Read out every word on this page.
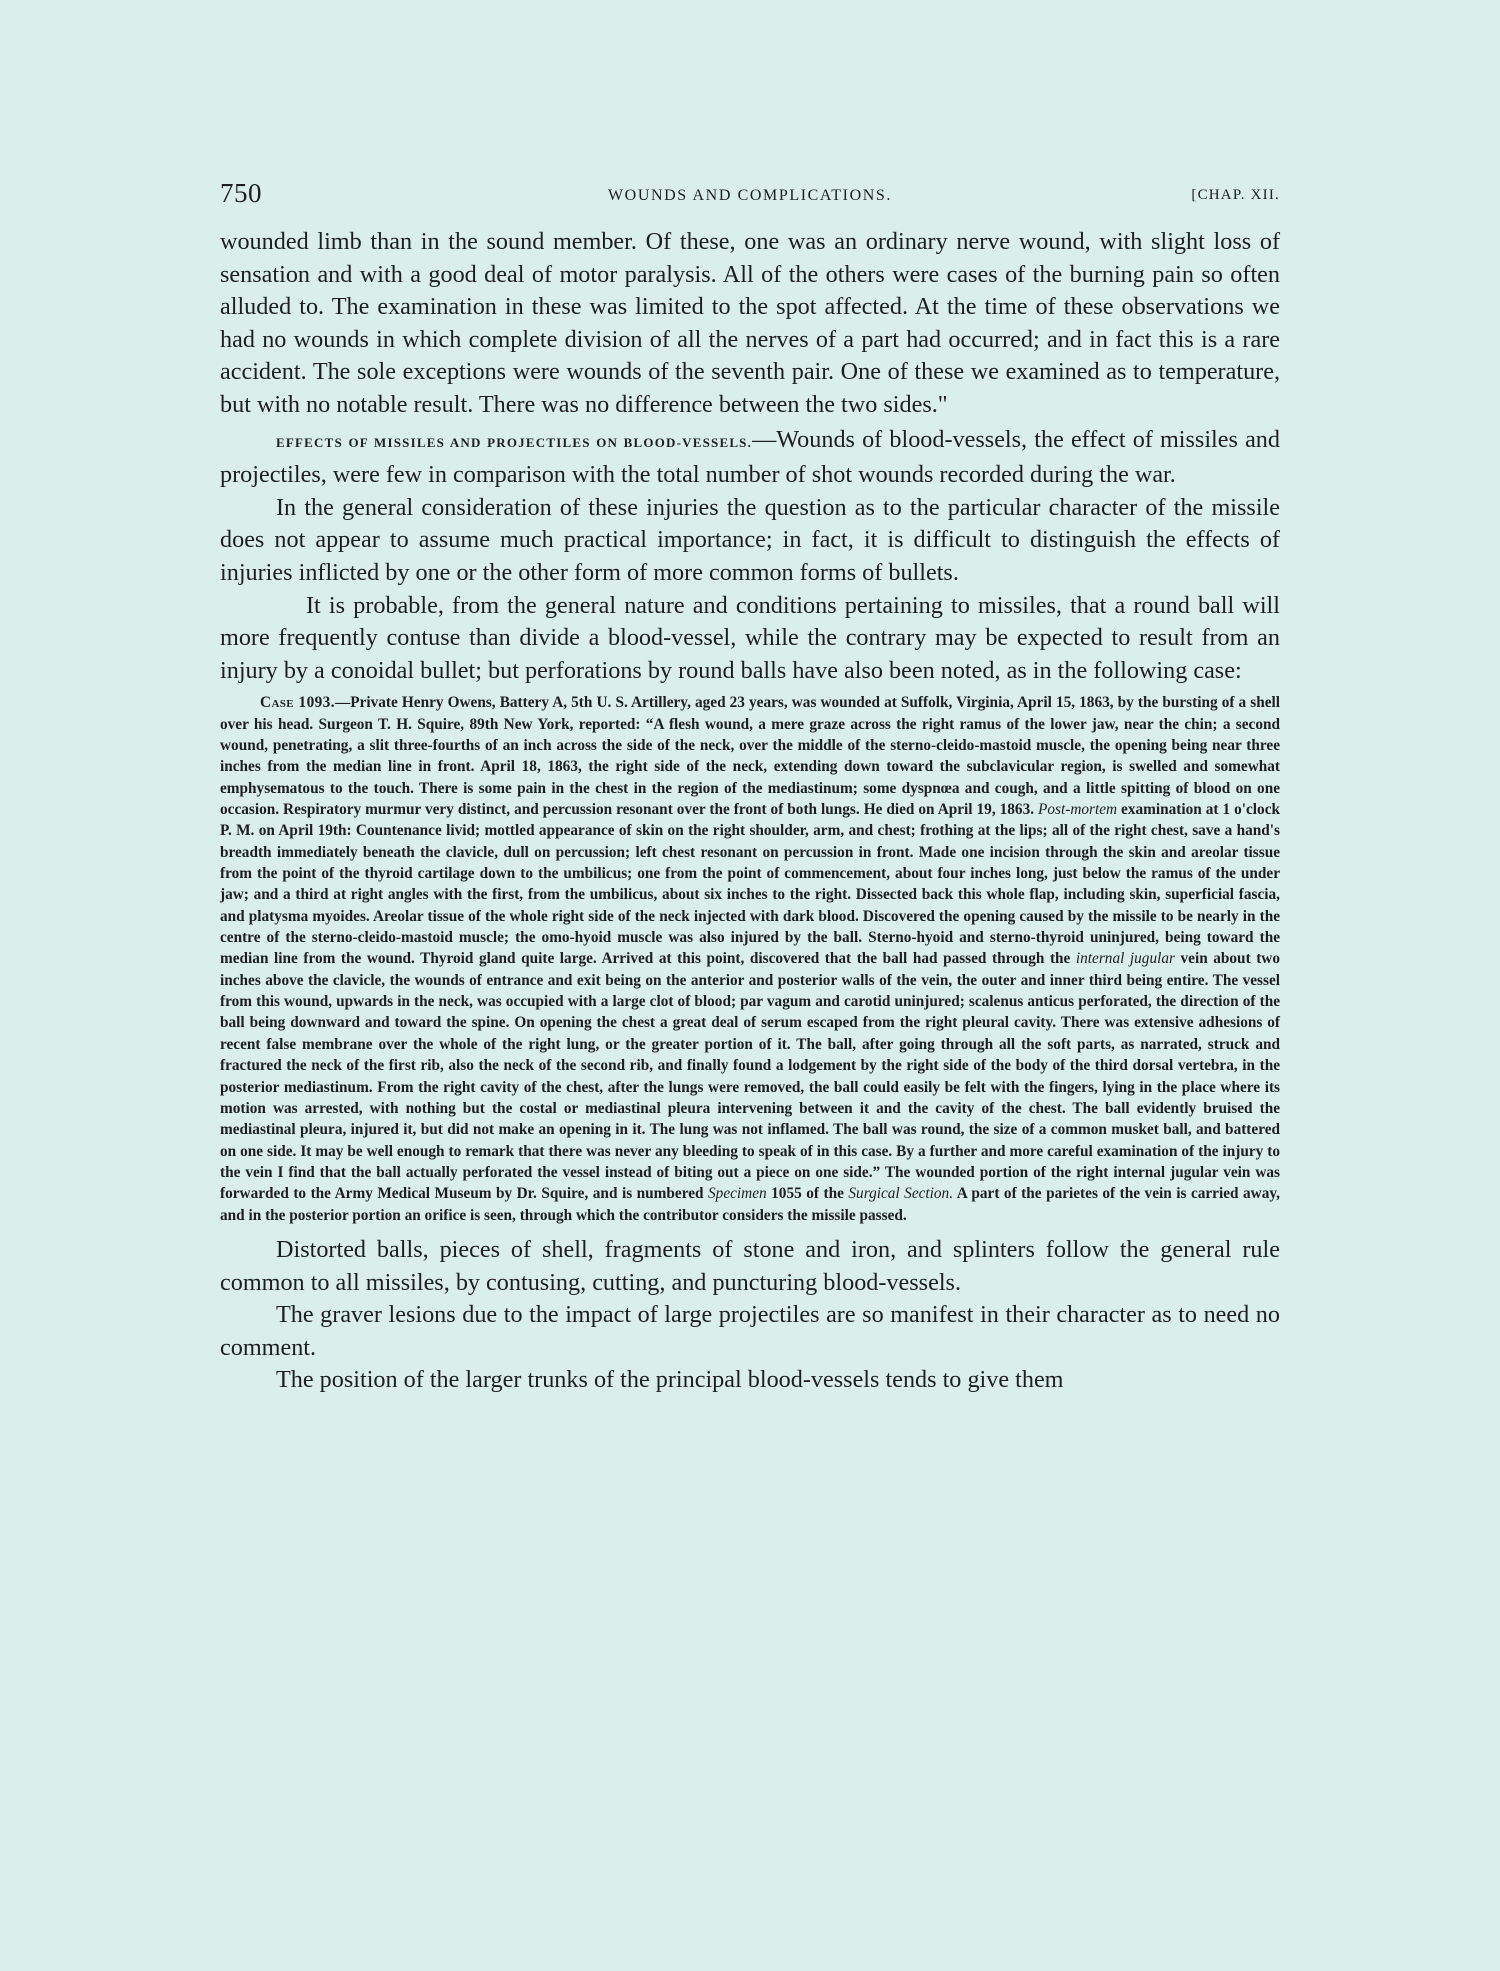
750	WOUNDS AND COMPLICATIONS.	[CHAP. XII.

wounded limb than in the sound member. Of these, one was an ordinary nerve wound, with slight loss of sensation and with a good deal of motor paralysis. All of the others were cases of the burning pain so often alluded to. The examination in these was limited to the spot affected. At the time of these observations we had no wounds in which complete division of all the nerves of a part had occurred; and in fact this is a rare accident. The sole exceptions were wounds of the seventh pair. One of these we examined as to temperature, but with no notable result. There was no difference between the two sides."

EFFECTS OF MISSILES AND PROJECTILES ON BLOOD-VESSELS.—Wounds of blood-vessels, the effect of missiles and projectiles, were few in comparison with the total number of shot wounds recorded during the war.

In the general consideration of these injuries the question as to the particular character of the missile does not appear to assume much practical importance; in fact, it is difficult to distinguish the effects of injuries inflicted by one or the other form of more common forms of bullets.

It is probable, from the general nature and conditions pertaining to missiles, that a round ball will more frequently contuse than divide a blood-vessel, while the contrary may be expected to result from an injury by a conoidal bullet; but perforations by round balls have also been noted, as in the following case:

Case 1093.—Private Henry Owens, Battery A, 5th U. S. Artillery, aged 23 years, was wounded at Suffolk, Virginia, April 15, 1863, by the bursting of a shell over his head. Surgeon T. H. Squire, 89th New York, reported: “A flesh wound, a mere graze across the right ramus of the lower jaw, near the chin; a second wound, penetrating, a slit three-fourths of an inch across the side of the neck, over the middle of the sterno-cleido-mastoid muscle, the opening being near three inches from the median line in front. April 18, 1863, the right side of the neck, extending down toward the subclavicular region, is swelled and somewhat emphysematous to the touch. There is some pain in the chest in the region of the mediastinum; some dyspnœa and cough, and a little spitting of blood on one occasion. Respiratory murmur very distinct, and percussion resonant over the front of both lungs. He died on April 19, 1863. Post-mortem examination at 1 o'clock P. M. on April 19th: Countenance livid; mottled appearance of skin on the right shoulder, arm, and chest; frothing at the lips; all of the right chest, save a hand's breadth immediately beneath the clavicle, dull on percussion; left chest resonant on percussion in front. Made one incision through the skin and areolar tissue from the point of the thyroid cartilage down to the umbilicus; one from the point of commencement, about four inches long, just below the ramus of the under jaw; and a third at right angles with the first, from the umbilicus, about six inches to the right. Dissected back this whole flap, including skin, superficial fascia, and platysma myoides. Areolar tissue of the whole right side of the neck injected with dark blood. Discovered the opening caused by the missile to be nearly in the centre of the sterno-cleido-mastoid muscle; the omo-hyoid muscle was also injured by the ball. Sterno-hyoid and sterno-thyroid uninjured, being toward the median line from the wound. Thyroid gland quite large. Arrived at this point, discovered that the ball had passed through the internal jugular vein about two inches above the clavicle, the wounds of entrance and exit being on the anterior and posterior walls of the vein, the outer and inner third being entire. The vessel from this wound, upwards in the neck, was occupied with a large clot of blood; par vagum and carotid uninjured; scalenus anticus perforated, the direction of the ball being downward and toward the spine. On opening the chest a great deal of serum escaped from the right pleural cavity. There was extensive adhesions of recent false membrane over the whole of the right lung, or the greater portion of it. The ball, after going through all the soft parts, as narrated, struck and fractured the neck of the first rib, also the neck of the second rib, and finally found a lodgement by the right side of the body of the third dorsal vertebra, in the posterior mediastinum. From the right cavity of the chest, after the lungs were removed, the ball could easily be felt with the fingers, lying in the place where its motion was arrested, with nothing but the costal or mediastinal pleura intervening between it and the cavity of the chest. The ball evidently bruised the mediastinal pleura, injured it, but did not make an opening in it. The lung was not inflamed. The ball was round, the size of a common musket ball, and battered on one side. It may be well enough to remark that there was never any bleeding to speak of in this case. By a further and more careful examination of the injury to the vein I find that the ball actually perforated the vessel instead of biting out a piece on one side.” The wounded portion of the right internal jugular vein was forwarded to the Army Medical Museum by Dr. Squire, and is numbered Specimen 1055 of the Surgical Section. A part of the parietes of the vein is carried away, and in the posterior portion an orifice is seen, through which the contributor considers the missile passed.

Distorted balls, pieces of shell, fragments of stone and iron, and splinters follow the general rule common to all missiles, by contusing, cutting, and puncturing blood-vessels.

The graver lesions due to the impact of large projectiles are so manifest in their character as to need no comment.

The position of the larger trunks of the principal blood-vessels tends to give them
